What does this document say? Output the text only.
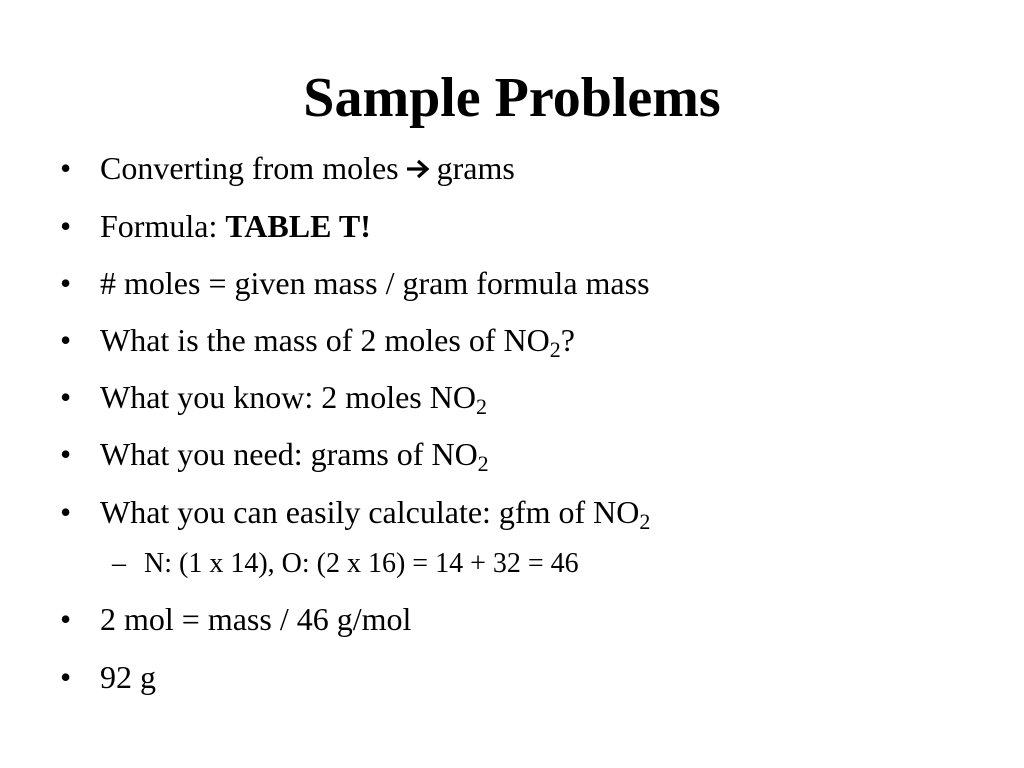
Sample Problems
• Converting from moles grams
• Formula: TABLE T!
• # moles = given mass / gram formula mass
• What is the mass of 2 moles of $NO_2$?
• What you know: 2 moles $NO_2$
• What you need: grams of $NO_2$
• What you can easily calculate: gfm of $NO_2$
– N: (1 x 14), O: (2 x 16) = 14 + 32 = 46
• 2 mol = mass / 46 g/mol
• 92 g
